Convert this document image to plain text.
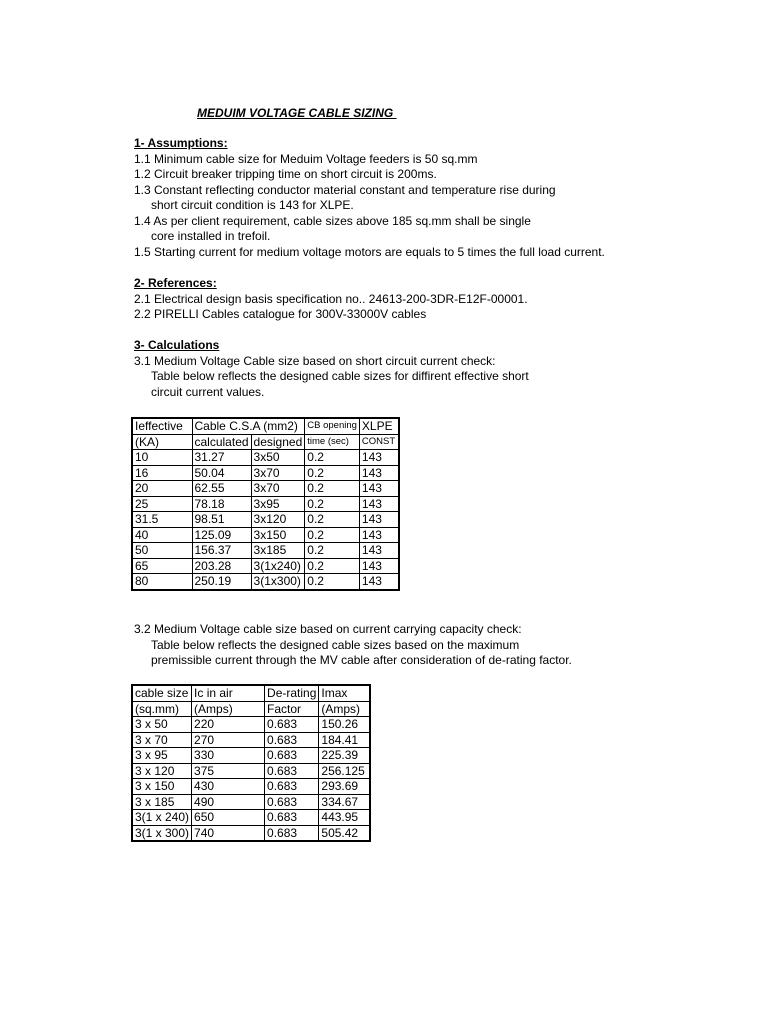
MEDUIM VOLTAGE CABLE SIZING
1- Assumptions:
1.1 Minimum cable size for Meduim Voltage feeders is 50 sq.mm
1.2 Circuit breaker tripping time on short circuit is 200ms.
1.3 Constant reflecting conductor material constant and temperature rise during
short circuit condition is 143 for XLPE.
1.4 As per client requirement, cable sizes above 185 sq.mm shall be single
core installed in trefoil.
1.5 Starting current for medium voltage motors are equals to 5 times the full load current.
2- References:
2.1 Electrical design basis specification no.. 24613-200-3DR-E12F-00001.
2.2 PIRELLI Cables catalogue for 300V-33000V cables
3- Calculations
3.1 Medium Voltage Cable size based on short circuit current check:
Table below reflects the designed cable sizes for diffirent effective short
circuit current values.
Ieffective	Cable C.S.A (mm2)		CB opening	XLPE
(KA)	calculated	designed	time (sec)	CONST
10	31.27	3x50	0.2	143
16	50.04	3x70	0.2	143
20	62.55	3x70	0.2	143
25	78.18	3x95	0.2	143
31.5	98.51	3x120	0.2	143
40	125.09	3x150	0.2	143
50	156.37	3x185	0.2	143
65	203.28	3(1x240)	0.2	143
80	250.19	3(1x300)	0.2	143
3.2 Medium Voltage cable size based on current carrying capacity check:
Table below reflects the designed cable sizes based on the maximum
premissible current through the MV cable after consideration of de-rating factor.
cable size	Ic in air	De-rating	Imax
(sq.mm)	(Amps)	Factor	(Amps)
3 x 50	220	0.683	150.26
3 x 70	270	0.683	184.41
3 x 95	330	0.683	225.39
3 x 120	375	0.683	256.125
3 x 150	430	0.683	293.69
3 x 185	490	0.683	334.67
3(1 x 240)	650	0.683	443.95
3(1 x 300)	740	0.683	505.42
